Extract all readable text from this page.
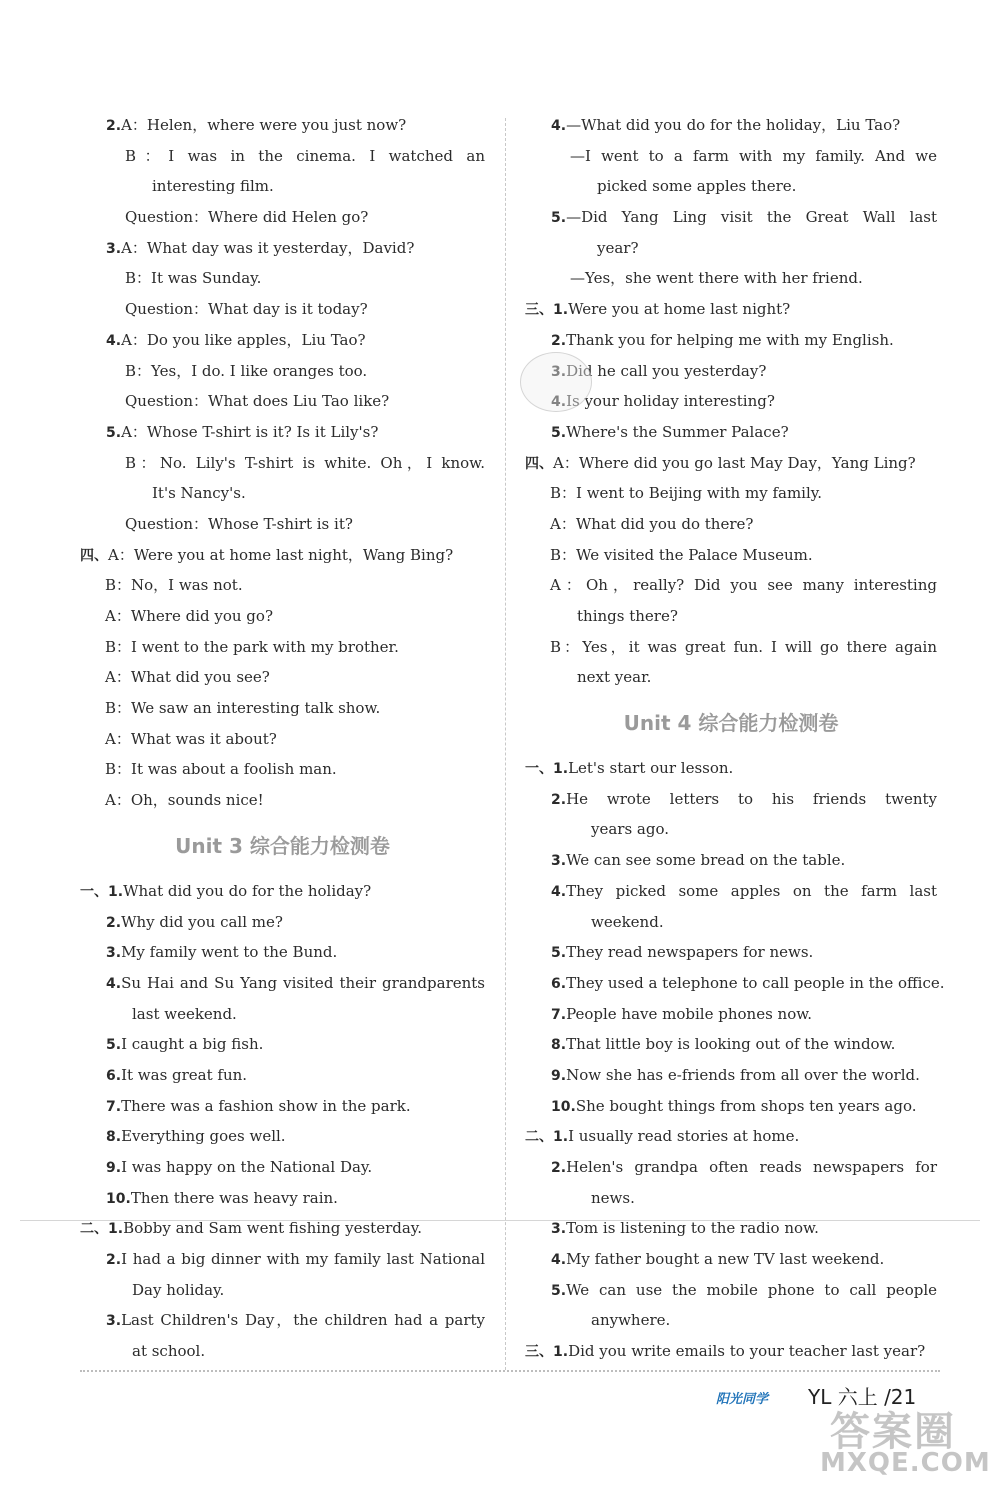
2.A：Helen，where were you just now?
B：I was in the cinema. I watched an
interesting film.
Question：Where did Helen go?
3.A：What day was it yesterday，David?
B：It was Sunday.
Question：What day is it today?
4.A：Do you like apples，Liu Tao?
B：Yes，I do. I like oranges too.
Question：What does Liu Tao like?
5.A：Whose T-shirt is it? Is it Lily's?
B：No. Lily's T-shirt is white. Oh，I know.
It's Nancy's.
Question：Whose T-shirt is it?
四、A：Were you at home last night，Wang Bing?
B：No，I was not.
A：Where did you go?
B：I went to the park with my brother.
A：What did you see?
B：We saw an interesting talk show.
A：What was it about?
B：It was about a foolish man.
A：Oh，sounds nice!
Unit 3 综合能力检测卷
一、1.What did you do for the holiday?
2.Why did you call me?
3.My family went to the Bund.
4.Su Hai and Su Yang visited their grandparents
last weekend.
5.I caught a big fish.
6.It was great fun.
7.There was a fashion show in the park.
8.Everything goes well.
9.I was happy on the National Day.
10.Then there was heavy rain.
二、1.Bobby and Sam went fishing yesterday.
2.I had a big dinner with my family last National
Day holiday.
3.Last Children's Day，the children had a party
at school.
4.—What did you do for the holiday，Liu Tao?
—I went to a farm with my family. And we
picked some apples there.
5.—Did Yang Ling visit the Great Wall last
year?
—Yes，she went there with her friend.
三、1.Were you at home last night?
2.Thank you for helping me with my English.
3.Did he call you yesterday?
4.Is your holiday interesting?
5.Where's the Summer Palace?
四、A：Where did you go last May Day，Yang Ling?
B：I went to Beijing with my family.
A：What did you do there?
B：We visited the Palace Museum.
A：Oh，really? Did you see many interesting
things there?
B：Yes，it was great fun. I will go there again
next year.
Unit 4 综合能力检测卷
一、1.Let's start our lesson.
2.He wrote letters to his friends twenty
years ago.
3.We can see some bread on the table.
4.They picked some apples on the farm last
weekend.
5.They read newspapers for news.
6.They used a telephone to call people in the office.
7.People have mobile phones now.
8.That little boy is looking out of the window.
9.Now she has e-friends from all over the world.
10.She bought things from shops ten years ago.
二、1.I usually read stories at home.
2.Helen's grandpa often reads newspapers for
news.
3.Tom is listening to the radio now.
4.My father bought a new TV last weekend.
5.We can use the mobile phone to call people
anywhere.
三、1.Did you write emails to your teacher last year?
阳光同学	YL 六上 /21
答案圈
MXQE.COM
